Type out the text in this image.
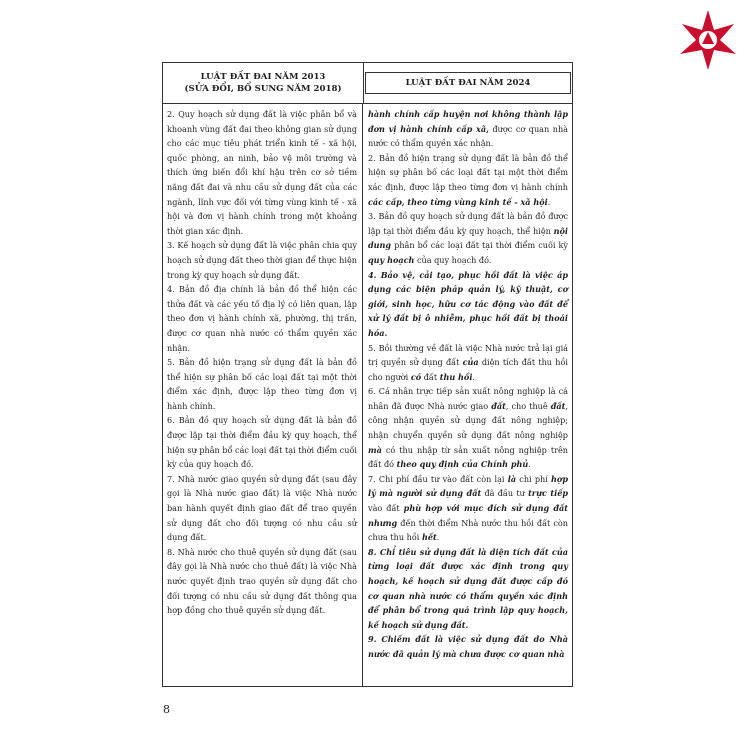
LUẬT ĐẤT ĐAI NĂM 2013
(SỬA ĐỔI, BỔ SUNG NĂM 2018)
LUẬT ĐẤT ĐAI NĂM 2024

2. Quy hoạch sử dụng đất là việc phân bổ và khoanh vùng đất đai theo không gian sử dụng cho các mục tiêu phát triển kinh tế - xã hội, quốc phòng, an ninh, bảo vệ môi trường và thích ứng biến đổi khí hậu trên cơ sở tiềm năng đất đai và nhu cầu sử dụng đất của các ngành, lĩnh vực đối với từng vùng kinh tế - xã hội và đơn vị hành chính trong một khoảng thời gian xác định.

3. Kế hoạch sử dụng đất là việc phân chia quy hoạch sử dụng đất theo thời gian để thực hiện trong kỳ quy hoạch sử dụng đất.

4. Bản đồ địa chính là bản đồ thể hiện các thửa đất và các yếu tố địa lý có liên quan, lập theo đơn vị hành chính xã, phường, thị trấn, được cơ quan nhà nước có thẩm quyền xác nhận.

5. Bản đồ hiện trạng sử dụng đất là bản đồ thể hiện sự phân bố các loại đất tại một thời điểm xác định, được lập theo từng đơn vị hành chính.

6. Bản đồ quy hoạch sử dụng đất là bản đồ được lập tại thời điểm đầu kỳ quy hoạch, thể hiện sự phân bổ các loại đất tại thời điểm cuối kỳ của quy hoạch đó.

7. Nhà nước giao quyền sử dụng đất (sau đây gọi là Nhà nước giao đất) là việc Nhà nước ban hành quyết định giao đất để trao quyền sử dụng đất cho đối tượng có nhu cầu sử dụng đất.

8. Nhà nước cho thuê quyền sử dụng đất (sau đây gọi là Nhà nước cho thuê đất) là việc Nhà nước quyết định trao quyền sử dụng đất cho đối tượng có nhu cầu sử dụng đất thông qua hợp đồng cho thuê quyền sử dụng đất.

hành chính cấp huyện nơi không thành lập đơn vị hành chính cấp xã, được cơ quan nhà nước có thẩm quyền xác nhận.

2. Bản đồ hiện trạng sử dụng đất là bản đồ thể hiện sự phân bố các loại đất tại một thời điểm xác định, được lập theo từng đơn vị hành chính các cấp, theo từng vùng kinh tế - xã hội.

3. Bản đồ quy hoạch sử dụng đất là bản đồ được lập tại thời điểm đầu kỳ quy hoạch, thể hiện nội dung phân bổ các loại đất tại thời điểm cuối kỳ quy hoạch của quy hoạch đó.

4. Bảo vệ, cải tạo, phục hồi đất là việc áp dụng các biện pháp quản lý, kỹ thuật, cơ giới, sinh học, hữu cơ tác động vào đất để xử lý đất bị ô nhiễm, phục hồi đất bị thoái hóa.

5. Bồi thường về đất là việc Nhà nước trả lại giá trị quyền sử dụng đất của diện tích đất thu hồi cho người có đất thu hồi.

6. Cá nhân trực tiếp sản xuất nông nghiệp là cá nhân đã được Nhà nước giao đất, cho thuê đất, công nhận quyền sử dụng đất nông nghiệp; nhận chuyển quyền sử dụng đất nông nghiệp mà có thu nhập từ sản xuất nông nghiệp trên đất đó theo quy định của Chính phủ.

7. Chi phí đầu tư vào đất còn lại là chi phí hợp lý mà người sử dụng đất đã đầu tư trực tiếp vào đất phù hợp với mục đích sử dụng đất nhưng đến thời điểm Nhà nước thu hồi đất còn chưa thu hồi hết.

8. Chỉ tiêu sử dụng đất là diện tích đất của từng loại đất được xác định trong quy hoạch, kế hoạch sử dụng đất được cấp đó cơ quan nhà nước có thẩm quyền xác định để phân bổ trong quá trình lập quy hoạch, kế hoạch sử dụng đất.

9. Chiếm đất là việc sử dụng đất do Nhà nước đã quản lý mà chưa được cơ quan nhà

8
